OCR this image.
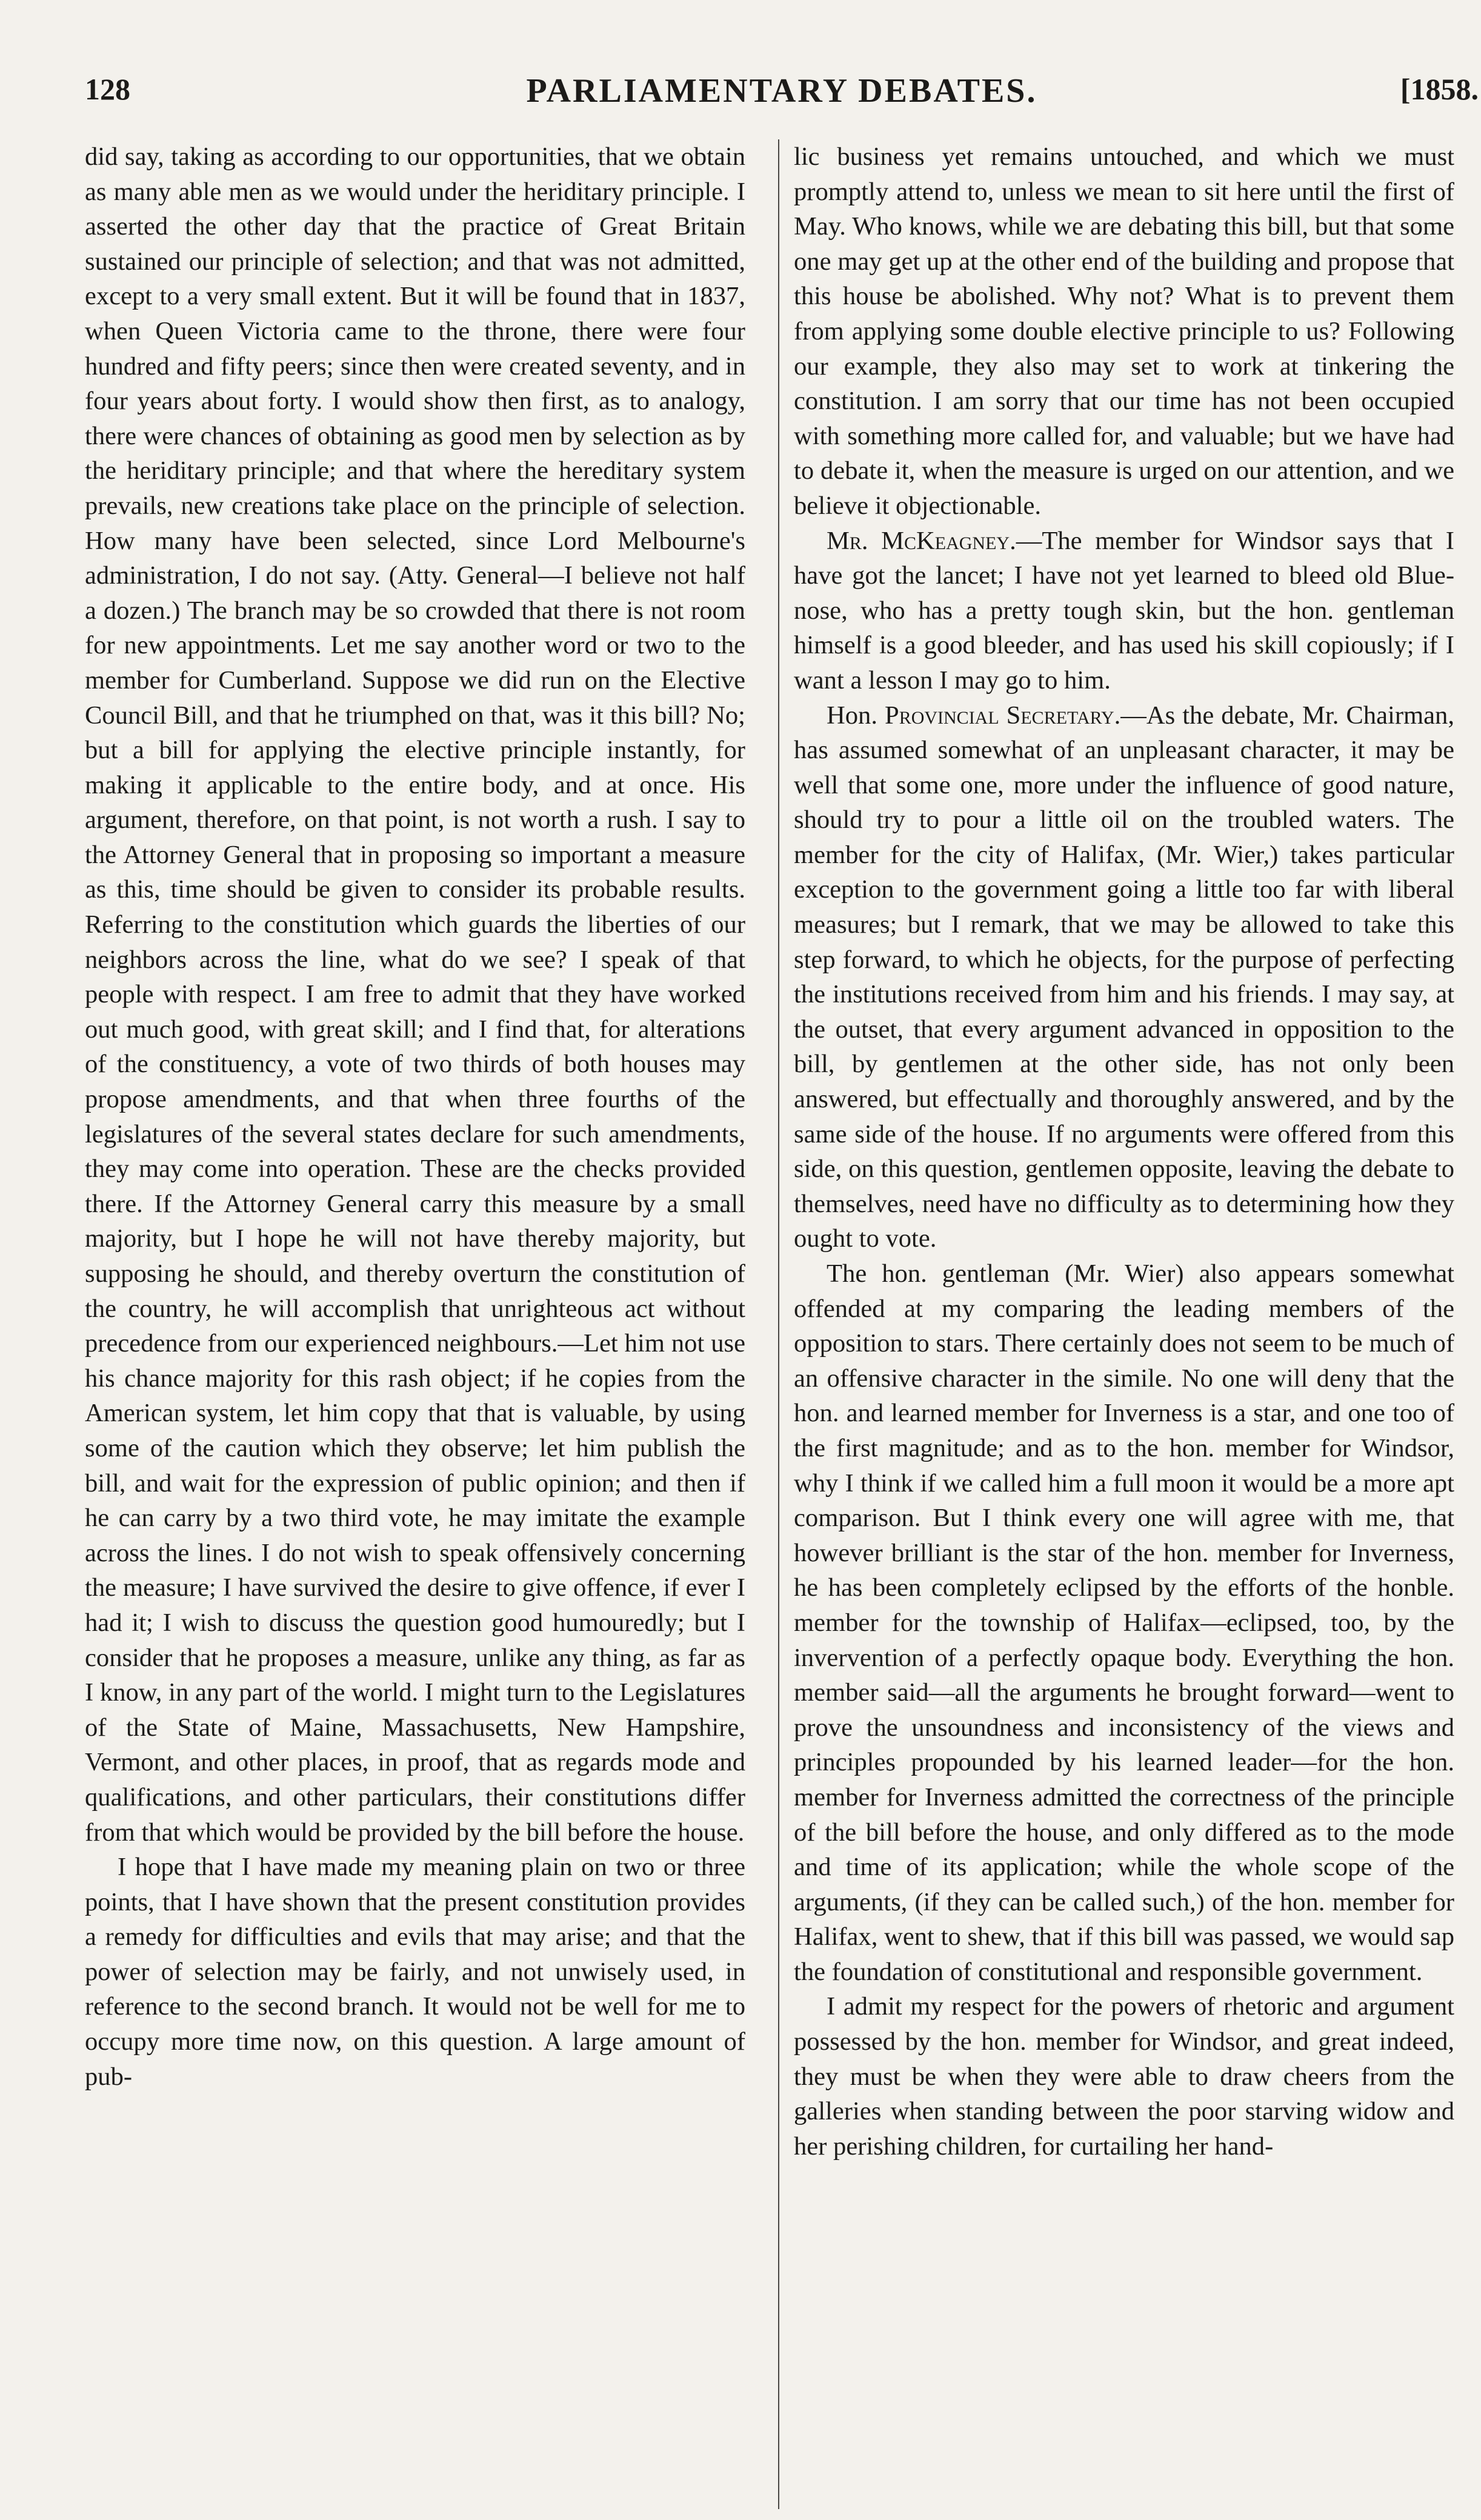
128	PARLIAMENTARY DEBATES.	[1858.

did say, taking as according to our opportunities, that we obtain as many able men as we would under the heriditary principle. I asserted the other day that the practice of Great Britain sustained our principle of selection; and that was not admitted, except to a very small extent. But it will be found that in 1837, when Queen Victoria came to the throne, there were four hundred and fifty peers; since then were created seventy, and in four years about forty. I would show then first, as to analogy, there were chances of obtaining as good men by selection as by the heriditary principle; and that where the hereditary system prevails, new creations take place on the principle of selection. How many have been selected, since Lord Melbourne's administration, I do not say. (Atty. General—I believe not half a dozen.) The branch may be so crowded that there is not room for new appointments. Let me say another word or two to the member for Cumberland. Suppose we did run on the Elective Council Bill, and that he triumphed on that, was it this bill? No; but a bill for applying the elective principle instantly, for making it applicable to the entire body, and at once. His argument, therefore, on that point, is not worth a rush. I say to the Attorney General that in proposing so important a measure as this, time should be given to consider its probable results. Referring to the constitution which guards the liberties of our neighbors across the line, what do we see? I speak of that people with respect. I am free to admit that they have worked out much good, with great skill; and I find that, for alterations of the constituency, a vote of two thirds of both houses may propose amendments, and that when three fourths of the legislatures of the several states declare for such amendments, they may come into operation. These are the checks provided there. If the Attorney General carry this measure by a small majority, but I hope he will not have thereby majority, but supposing he should, and thereby overturn the constitution of the country, he will accomplish that unrighteous act without precedence from our experienced neighbours.—Let him not use his chance majority for this rash object; if he copies from the American system, let him copy that that is valuable, by using some of the caution which they observe; let him publish the bill, and wait for the expression of public opinion; and then if he can carry by a two third vote, he may imitate the example across the lines. I do not wish to speak offensively concerning the measure; I have survived the desire to give offence, if ever I had it; I wish to discuss the question good humouredly; but I consider that he proposes a measure, unlike any thing, as far as I know, in any part of the world. I might turn to the Legislatures of the State of Maine, Massachusetts, New Hampshire, Vermont, and other places, in proof, that as regards mode and qualifications, and other particulars, their constitutions differ from that which would be provided by the bill before the house.

I hope that I have made my meaning plain on two or three points, that I have shown that the present constitution provides a remedy for difficulties and evils that may arise; and that the power of selection may be fairly, and not unwisely used, in reference to the second branch. It would not be well for me to occupy more time now, on this question. A large amount of pub-

lic business yet remains untouched, and which we must promptly attend to, unless we mean to sit here until the first of May. Who knows, while we are debating this bill, but that some one may get up at the other end of the building and propose that this house be abolished. Why not? What is to prevent them from applying some double elective principle to us? Following our example, they also may set to work at tinkering the constitution. I am sorry that our time has not been occupied with something more called for, and valuable; but we have had to debate it, when the measure is urged on our attention, and we believe it objectionable.

Mr. McKeagney.—The member for Windsor says that I have got the lancet; I have not yet learned to bleed old Blue-nose, who has a pretty tough skin, but the hon. gentleman himself is a good bleeder, and has used his skill copiously; if I want a lesson I may go to him.

Hon. Provincial Secretary.—As the debate, Mr. Chairman, has assumed somewhat of an unpleasant character, it may be well that some one, more under the influence of good nature, should try to pour a little oil on the troubled waters. The member for the city of Halifax, (Mr. Wier,) takes particular exception to the government going a little too far with liberal measures; but I remark, that we may be allowed to take this step forward, to which he objects, for the purpose of perfecting the institutions received from him and his friends. I may say, at the outset, that every argument advanced in opposition to the bill, by gentlemen at the other side, has not only been answered, but effectually and thoroughly answered, and by the same side of the house. If no arguments were offered from this side, on this question, gentlemen opposite, leaving the debate to themselves, need have no difficulty as to determining how they ought to vote.

The hon. gentleman (Mr. Wier) also appears somewhat offended at my comparing the leading members of the opposition to stars. There certainly does not seem to be much of an offensive character in the simile. No one will deny that the hon. and learned member for Inverness is a star, and one too of the first magnitude; and as to the hon. member for Windsor, why I think if we called him a full moon it would be a more apt comparison. But I think every one will agree with me, that however brilliant is the star of the hon. member for Inverness, he has been completely eclipsed by the efforts of the honble. member for the township of Halifax—eclipsed, too, by the invervention of a perfectly opaque body. Everything the hon. member said—all the arguments he brought forward—went to prove the unsoundness and inconsistency of the views and principles propounded by his learned leader—for the hon. member for Inverness admitted the correctness of the principle of the bill before the house, and only differed as to the mode and time of its application; while the whole scope of the arguments, (if they can be called such,) of the hon. member for Halifax, went to shew, that if this bill was passed, we would sap the foundation of constitutional and responsible government.

I admit my respect for the powers of rhetoric and argument possessed by the hon. member for Windsor, and great indeed, they must be when they were able to draw cheers from the galleries when standing between the poor starving widow and her perishing children, for curtailing her hand-
